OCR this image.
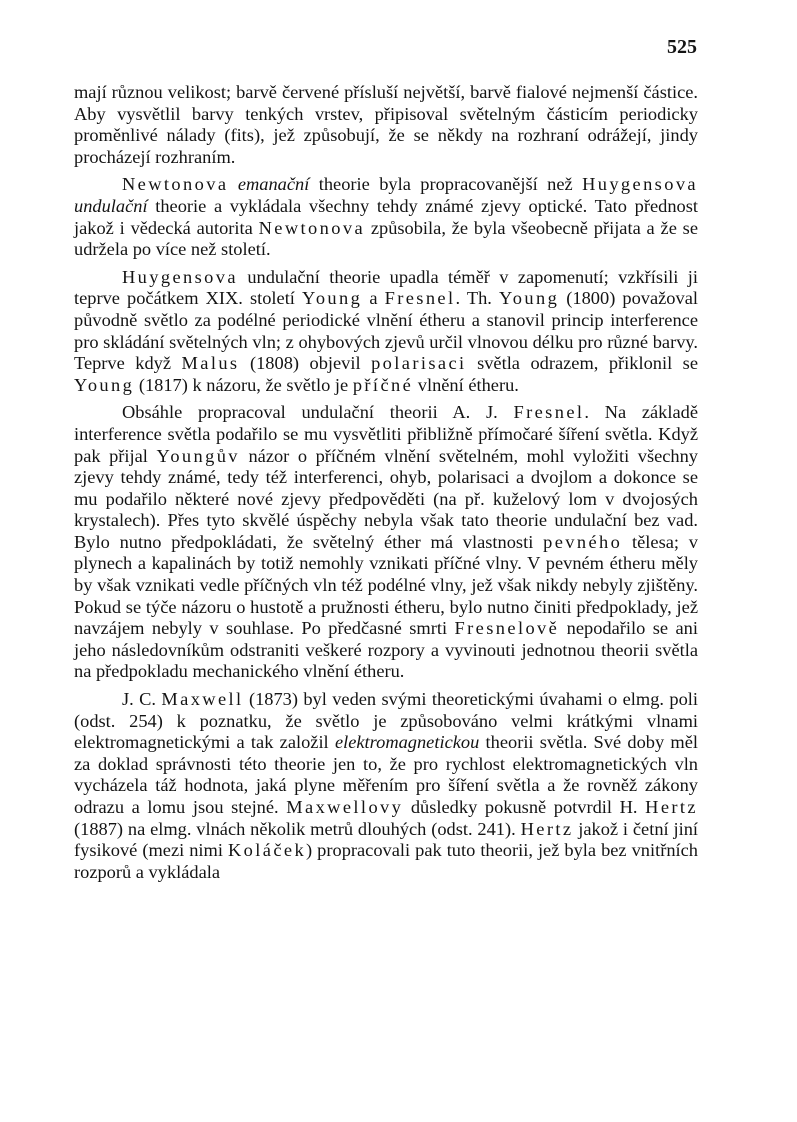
525

mají různou velikost; barvě červené přísluší největší, barvě fialové nejmenší částice. Aby vysvětlil barvy tenkých vrstev, připisoval světelným částicím periodicky proměnlivé nálady (fits), jež způsobují, že se někdy na rozhraní odrážejí, jindy procházejí rozhraním.

Newtonova emanační theorie byla propracovanější než Huygensova undulační theorie a vykládala všechny tehdy známé zjevy optické. Tato přednost jakož i vědecká autorita Newtonova způsobila, že byla všeobecně přijata a že se udržela po více než století.

Huygensova undulační theorie upadla téměř v zapomenutí; vzkřísili ji teprve počátkem XIX. století Young a Fresnel. Th. Young (1800) považoval původně světlo za podélné periodické vlnění étheru a stanovil princip interference pro skládání světelných vln; z ohybových zjevů určil vlnovou délku pro různé barvy. Teprve když Malus (1808) objevil polarisaci světla odrazem, přiklonil se Young (1817) k názoru, že světlo je příčné vlnění étheru.

Obsáhle propracoval undulační theorii A. J. Fresnel. Na základě interference světla podařilo se mu vysvětliti přibližně přímočaré šíření světla. Když pak přijal Youngův názor o příčném vlnění světelném, mohl vyložiti všechny zjevy tehdy známé, tedy též interferenci, ohyb, polarisaci a dvojlom a dokonce se mu podařilo některé nové zjevy předpověděti (na př. kuželový lom v dvojosých krystalech). Přes tyto skvělé úspěchy nebyla však tato theorie undulační bez vad. Bylo nutno předpokládati, že světelný éther má vlastnosti pevného tělesa; v plynech a kapalinách by totiž nemohly vznikati příčné vlny. V pevném étheru měly by však vznikati vedle příčných vln též podélné vlny, jež však nikdy nebyly zjištěny. Pokud se týče názoru o hustotě a pružnosti étheru, bylo nutno činiti předpoklady, jež navzájem nebyly v souhlase. Po předčasné smrti Fresnelově nepodařilo se ani jeho následovníkům odstraniti veškeré rozpory a vyvinouti jednotnou theorii světla na předpokladu mechanického vlnění étheru.

J. C. Maxwell (1873) byl veden svými theoretickými úvahami o elmg. poli (odst. 254) k poznatku, že světlo je způsobováno velmi krátkými vlnami elektromagnetickými a tak založil elektromagnetickou theorii světla. Své doby měl za doklad správnosti této theorie jen to, že pro rychlost elektromagnetických vln vycházela táž hodnota, jaká plyne měřením pro šíření světla a že rovněž zákony odrazu a lomu jsou stejné. Maxwellovy důsledky pokusně potvrdil H. Hertz (1887) na elmg. vlnách několik metrů dlouhých (odst. 241). Hertz jakož i četní jiní fysikové (mezi nimi Koláček) propracovali pak tuto theorii, jež byla bez vnitřních rozporů a vykládala
